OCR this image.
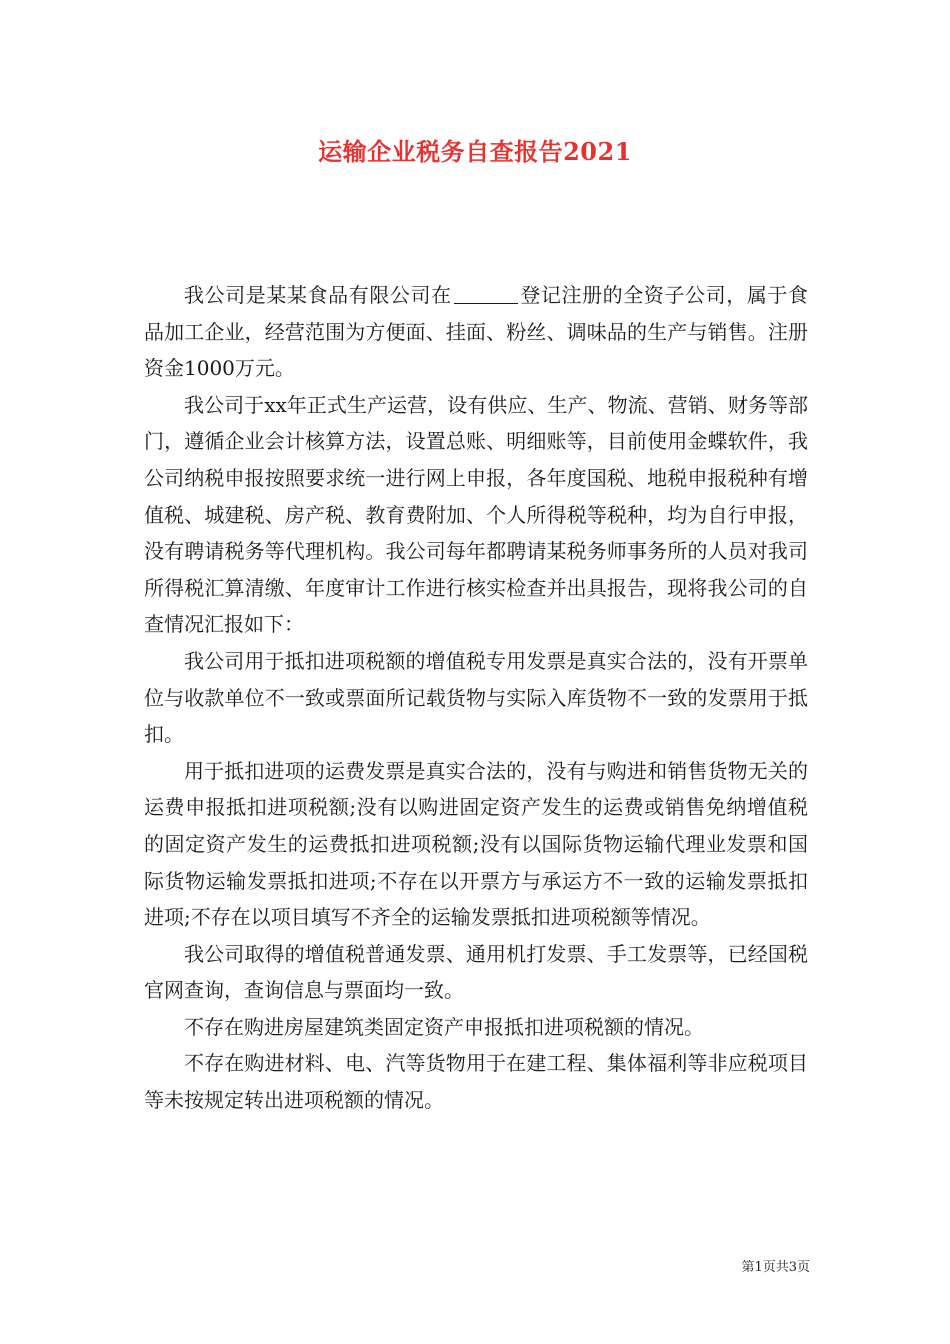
运输企业税务自查报告2021

我公司是某某食品有限公司在	登记注册的全资子公司，属于食品加工企业，经营范围为方便面、挂面、粉丝、调味品的生产与销售。注册资金1000万元。

我公司于xx年正式生产运营，设有供应、生产、物流、营销、财务等部门，遵循企业会计核算方法，设置总账、明细账等，目前使用金蝶软件，我公司纳税申报按照要求统一进行网上申报，各年度国税、地税申报税种有增值税、城建税、房产税、教育费附加、个人所得税等税种，均为自行申报，没有聘请税务等代理机构。我公司每年都聘请某税务师事务所的人员对我司所得税汇算清缴、年度审计工作进行核实检查并出具报告，现将我公司的自查情况汇报如下：

我公司用于抵扣进项税额的增值税专用发票是真实合法的，没有开票单位与收款单位不一致或票面所记载货物与实际入库货物不一致的发票用于抵扣。

用于抵扣进项的运费发票是真实合法的，没有与购进和销售货物无关的运费申报抵扣进项税额;没有以购进固定资产发生的运费或销售免纳增值税的固定资产发生的运费抵扣进项税额;没有以国际货物运输代理业发票和国际货物运输发票抵扣进项;不存在以开票方与承运方不一致的运输发票抵扣进项;不存在以项目填写不齐全的运输发票抵扣进项税额等情况。

我公司取得的增值税普通发票、通用机打发票、手工发票等，已经国税官网查询，查询信息与票面均一致。

不存在购进房屋建筑类固定资产申报抵扣进项税额的情况。

不存在购进材料、电、汽等货物用于在建工程、集体福利等非应税项目等未按规定转出进项税额的情况。

第1页共3页
